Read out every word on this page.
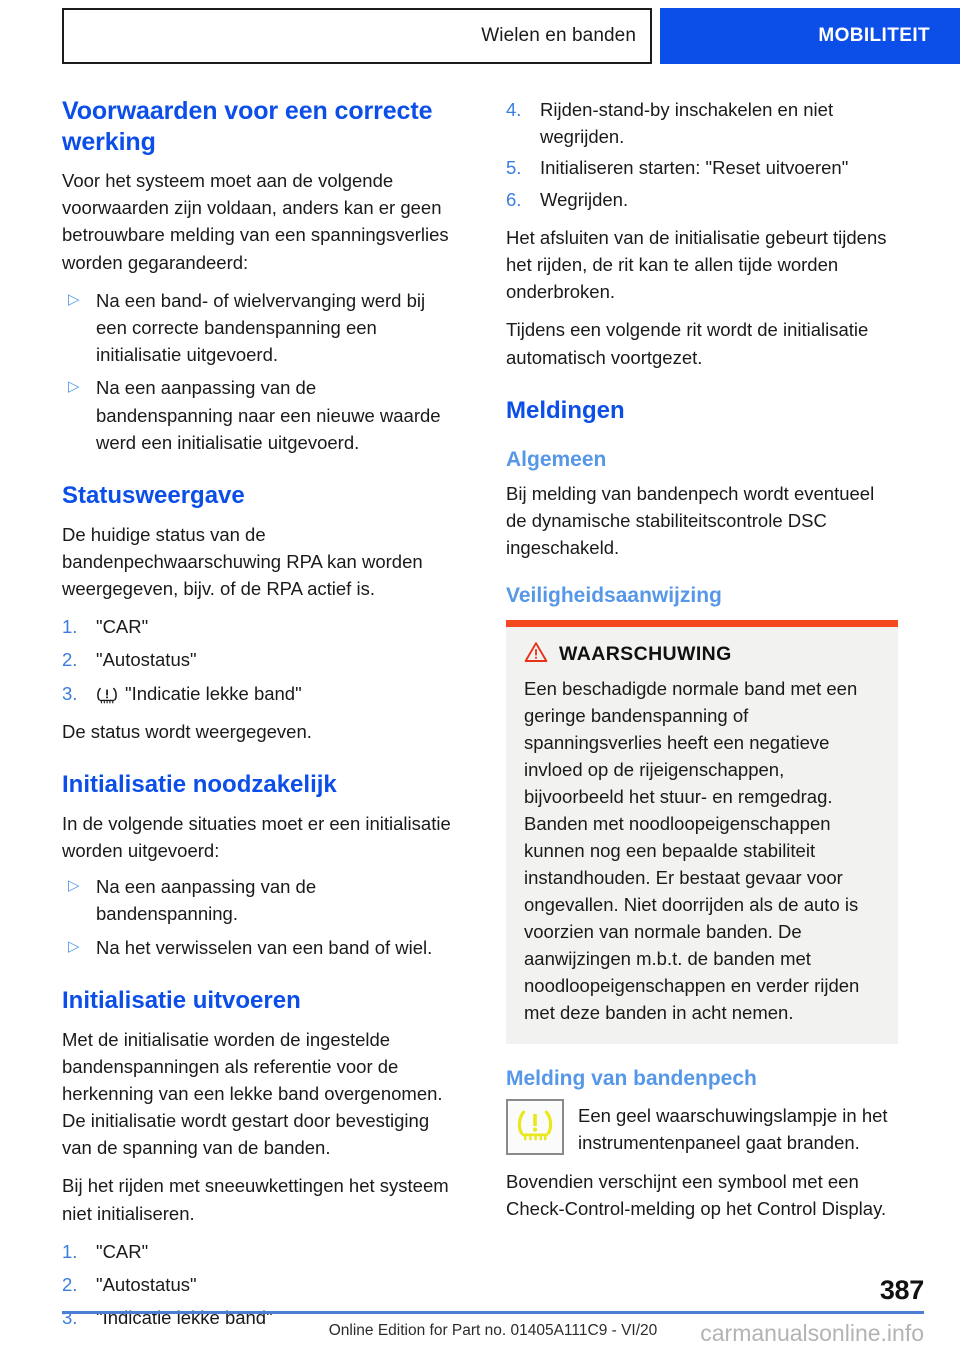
Wielen en banden	MOBILITEIT
Voorwaarden voor een correcte werking

Voor het systeem moet aan de volgende voorwaarden zijn voldaan, anders kan er geen betrouwbare melding van een spanningsverlies worden gegarandeerd:

▷ Na een band- of wielvervanging werd bij een correcte bandenspanning een initialisatie uitgevoerd.
▷ Na een aanpassing van de bandenspanning naar een nieuwe waarde werd een initialisatie uitgevoerd.
Statusweergave

De huidige status van de bandenpechwaarschuwing RPA kan worden weergegeven, bijv. of de RPA actief is.

1.	"CAR"
2.	"Autostatus"
3.	"Indicatie lekke band"

De status wordt weergegeven.

Initialisatie noodzakelijk

In de volgende situaties moet er een initialisatie worden uitgevoerd:

▷ Na een aanpassing van de bandenspanning.
▷ Na het verwisselen van een band of wiel.
Initialisatie uitvoeren

Met de initialisatie worden de ingestelde bandenspanningen als referentie voor de herkenning van een lekke band overgenomen. De initialisatie wordt gestart door bevestiging van de spanning van de banden.

Bij het rijden met sneeuwkettingen het systeem niet initialiseren.

1.	"CAR"
2.	"Autostatus"
3.	"Indicatie lekke band"
4.	Rijden-stand-by inschakelen en niet wegrijden.
5.	Initialiseren starten: "Reset uitvoeren"
6.	Wegrijden.

Het afsluiten van de initialisatie gebeurt tijdens het rijden, de rit kan te allen tijde worden onderbroken.

Tijdens een volgende rit wordt de initialisatie automatisch voortgezet.

Meldingen
Algemeen

Bij melding van bandenpech wordt eventueel de dynamische stabiliteitscontrole DSC ingeschakeld.

Veiligheidsaanwijzing
WAARSCHUWING

Een beschadigde normale band met een geringe bandenspanning of spanningsverlies heeft een negatieve invloed op de rijeigenschappen, bijvoorbeeld het stuur- en remgedrag. Banden met noodloopeigenschappen kunnen nog een bepaalde stabiliteit instandhouden. Er bestaat gevaar voor ongevallen. Niet doorrijden als de auto is voorzien van normale banden. De aanwijzingen m.b.t. de banden met noodloopeigenschappen en verder rijden met deze banden in acht nemen.

Melding van bandenpech
Een geel waarschuwingslampje in het instrumentenpaneel gaat branden.

Bovendien verschijnt een symbool met een Check-Control-melding op het Control Display.

387
Online Edition for Part no. 01405A111C9 - VI/20 carmanualsonline.info
